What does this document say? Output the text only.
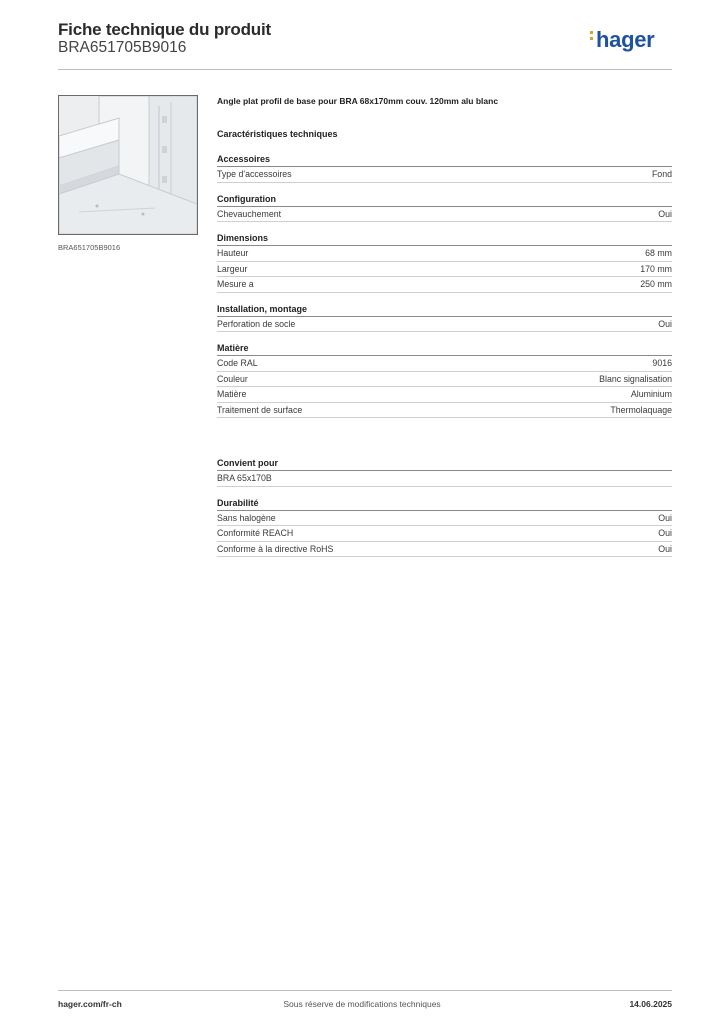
Fiche technique du produit
BRA651705B9016	hager
BRA651705B9016
Angle plat profil de base pour BRA 68x170mm couv. 120mm alu blanc
Caractéristiques techniques
Accessoires
Type d'accessoires	Fond
Configuration
Chevauchement	Oui
Dimensions
Hauteur	68 mm
Largeur	170 mm
Mesure a	250 mm
Installation, montage
Perforation de socle	Oui
Matière
Code RAL	9016
Couleur	Blanc signalisation
Matière	Aluminium
Traitement de surface	Thermolaquage
Convient pour
BRA 65x170B
Durabilité
Sans halogène	Oui
Conformité REACH	Oui
Conforme à la directive RoHS	Oui
hager.com/fr-ch	Sous réserve de modifications techniques	14.06.2025
